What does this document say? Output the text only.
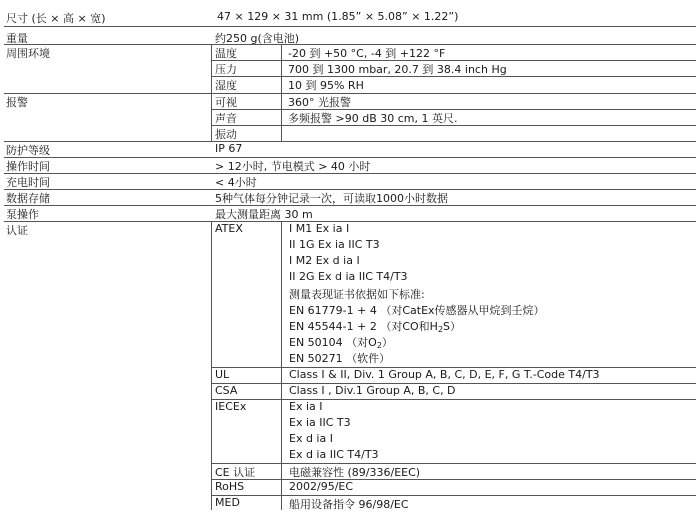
尺寸 (长 × 高 × 宽)	47 × 129 × 31 mm (1.85” × 5.08” × 1.22”)
重量	约250 g(含电池)
周围环境	温度	-20 到 +50 °C, -4 到 +122 °F
压力	700 到 1300 mbar, 20.7 到 38.4 inch Hg
湿度	10 到 95% RH
报警	可视	360° 光报警
声音	多频报警 >90 dB 30 cm, 1 英尺.
振动
防护等级	IP 67
操作时间	> 12小时, 节电模式 > 40 小时
充电时间	< 4小时
数据存储	5种气体每分钟记录一次，可读取1000小时数据
泵操作	最大测量距离 30 m
认证	ATEX	I M1 Ex ia I
II 1G Ex ia IIC T3
I M2 Ex d ia I
II 2G Ex d ia IIC T4/T3
测量表现证书依据如下标准:
EN 61779-1 + 4 （对CatEx传感器从甲烷到壬烷）
EN 45544-1 + 2 （对CO和$H_2S$）
EN 50104 （对$O_2$）
EN 50271 （软件）
UL	Class I & II, Div. 1 Group A, B, C, D, E, F, G T.-Code T4/T3
CSA	Class I , Div.1 Group A, B, C, D
IECEx	Ex ia I
Ex ia IIC T3
Ex d ia I
Ex d ia IIC T4/T3
CE 认证	电磁兼容性 (89/336/EEC)
RoHS	2002/95/EC
MED	船用设备指令 96/98/EC
